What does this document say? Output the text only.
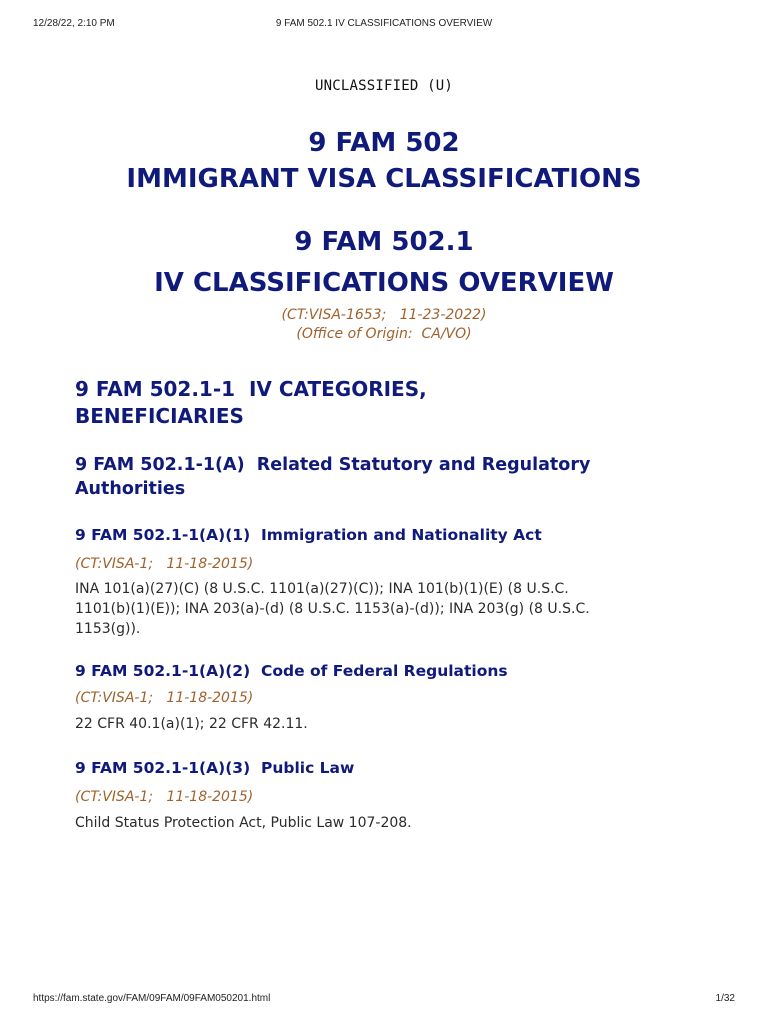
12/28/22, 2:10 PM	9 FAM 502.1 IV CLASSIFICATIONS OVERVIEW
UNCLASSIFIED (U)
9 FAM 502
IMMIGRANT VISA CLASSIFICATIONS
9 FAM 502.1
IV CLASSIFICATIONS OVERVIEW
(CT:VISA-1653;   11-23-2022)
(Office of Origin:  CA/VO)
9 FAM 502.1-1  IV CATEGORIES,
BENEFICIARIES
9 FAM 502.1-1(A)  Related Statutory and Regulatory
Authorities
9 FAM 502.1-1(A)(1)  Immigration and Nationality Act
(CT:VISA-1;   11-18-2015)
INA 101(a)(27)(C) (8 U.S.C. 1101(a)(27)(C)); INA 101(b)(1)(E) (8 U.S.C.
1101(b)(1)(E)); INA 203(a)-(d) (8 U.S.C. 1153(a)-(d)); INA 203(g) (8 U.S.C.
1153(g)).
9 FAM 502.1-1(A)(2)  Code of Federal Regulations
(CT:VISA-1;   11-18-2015)
22 CFR 40.1(a)(1); 22 CFR 42.11.
9 FAM 502.1-1(A)(3)  Public Law
(CT:VISA-1;   11-18-2015)
Child Status Protection Act, Public Law 107-208.
https://fam.state.gov/FAM/09FAM/09FAM050201.html	1/32
